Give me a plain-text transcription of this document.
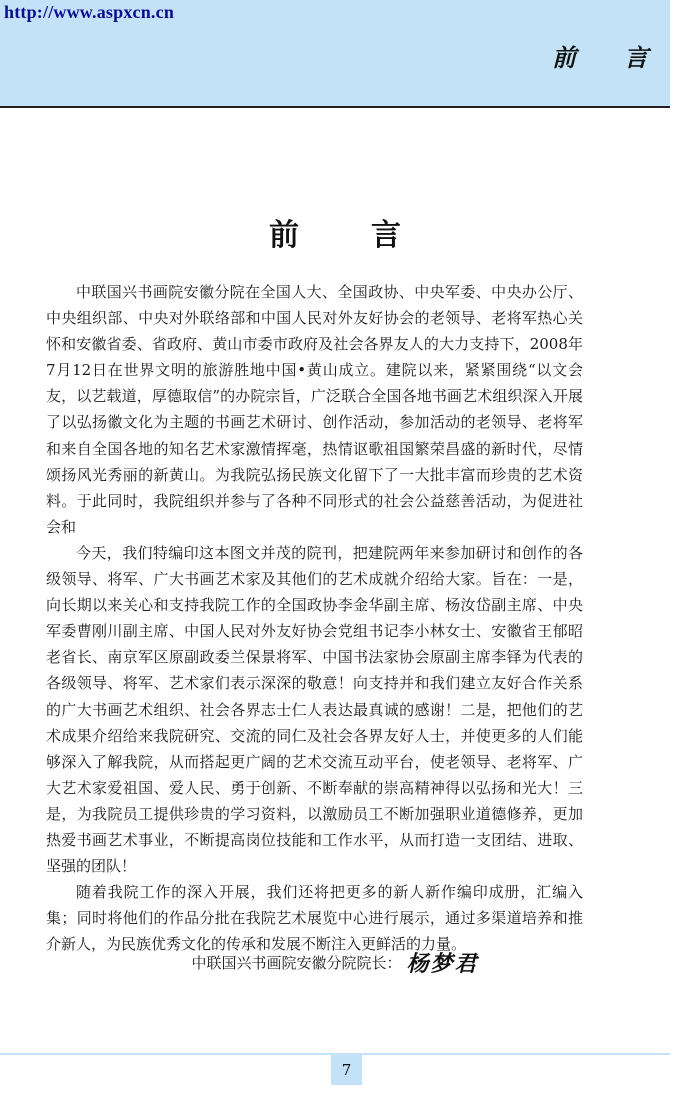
http://www.aspxcn.cn
前言
前言

中联国兴书画院安徽分院在全国人大、全国政协、中央军委、中央办公厅、中央组织部、中央对外联络部和中国人民对外友好协会的老领导、老将军热心关怀和安徽省委、省政府、黄山市委市政府及社会各界友人的大力支持下，2008年7月12日在世界文明的旅游胜地中国•黄山成立。建院以来，紧紧围绕“以文会友，以艺载道，厚德取信”的办院宗旨，广泛联合全国各地书画艺术组织深入开展了以弘扬徽文化为主题的书画艺术研讨、创作活动，参加活动的老领导、老将军和来自全国各地的知名艺术家激情挥毫，热情讴歌祖国繁荣昌盛的新时代，尽情颂扬风光秀丽的新黄山。为我院弘扬民族文化留下了一大批丰富而珍贵的艺术资料。于此同时，我院组织并参与了各种不同形式的社会公益慈善活动，为促进社会和

今天，我们特编印这本图文并茂的院刊，把建院两年来参加研讨和创作的各级领导、将军、广大书画艺术家及其他们的艺术成就介绍给大家。旨在：一是，向长期以来关心和支持我院工作的全国政协李金华副主席、杨汝岱副主席、中央军委曹刚川副主席、中国人民对外友好协会党组书记李小林女士、安徽省王郁昭老省长、南京军区原副政委兰保景将军、中国书法家协会原副主席李铎为代表的各级领导、将军、艺术家们表示深深的敬意！向支持并和我们建立友好合作关系的广大书画艺术组织、社会各界志士仁人表达最真诚的感谢！二是，把他们的艺术成果介绍给来我院研究、交流的同仁及社会各界友好人士，并使更多的人们能够深入了解我院，从而搭起更广阔的艺术交流互动平台，使老领导、老将军、广大艺术家爱祖国、爱人民、勇于创新、不断奉献的崇高精神得以弘扬和光大！三是，为我院员工提供珍贵的学习资料，以激励员工不断加强职业道德修养，更加热爱书画艺术事业，不断提高岗位技能和工作水平，从而打造一支团结、进取、坚强的团队！

随着我院工作的深入开展，我们还将把更多的新人新作编印成册，汇编入集；同时将他们的作品分批在我院艺术展览中心进行展示，通过多渠道培养和推介新人，为民族优秀文化的传承和发展不断注入更鲜活的力量。

中联国兴书画院安徽分院院长： 杨梦君
7
